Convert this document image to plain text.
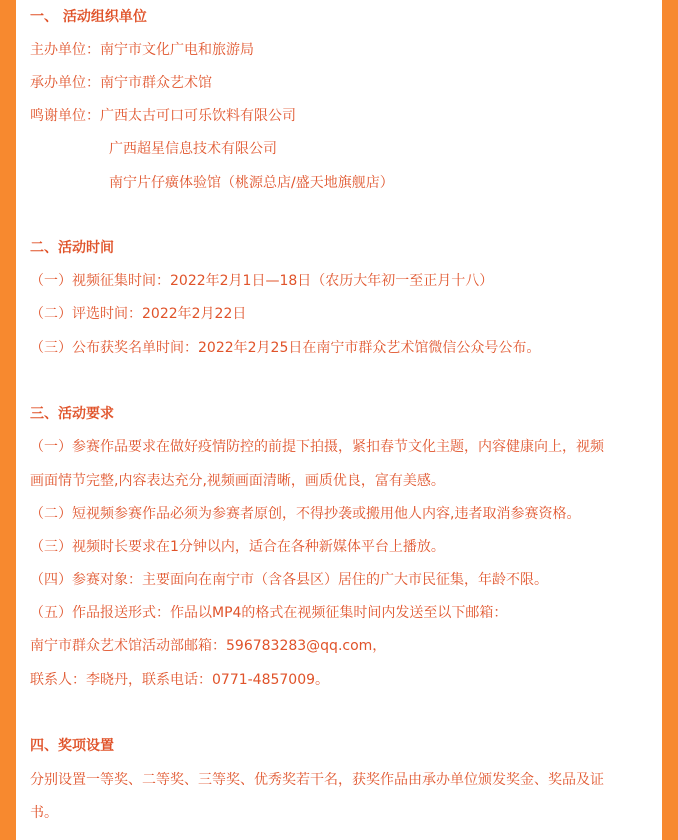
一、 活动组织单位
主办单位：南宁市文化广电和旅游局
承办单位：南宁市群众艺术馆
鸣谢单位：广西太古可口可乐饮料有限公司
广西超星信息技术有限公司
南宁片仔癀体验馆（桃源总店/盛天地旗舰店）
二、活动时间
（一）视频征集时间：2022年2月1日—18日（农历大年初一至正月十八）
（二）评选时间：2022年2月22日
（三）公布获奖名单时间：2022年2月25日在南宁市群众艺术馆微信公众号公布。
三、活动要求
（一）参赛作品要求在做好疫情防控的前提下拍摄，紧扣春节文化主题，内容健康向上，视频
画面情节完整,内容表达充分,视频画面清晰，画质优良，富有美感。
（二）短视频参赛作品必须为参赛者原创，不得抄袭或搬用他人内容,违者取消参赛资格。
（三）视频时长要求在1分钟以内，适合在各种新媒体平台上播放。
（四）参赛对象：主要面向在南宁市（含各县区）居住的广大市民征集，年龄不限。
（五）作品报送形式：作品以MP4的格式在视频征集时间内发送至以下邮箱：
南宁市群众艺术馆活动部邮箱：596783283@qq.com，
联系人：李晓丹，联系电话：0771-4857009。
四、奖项设置
分别设置一等奖、二等奖、三等奖、优秀奖若干名，获奖作品由承办单位颁发奖金、奖品及证
书。
